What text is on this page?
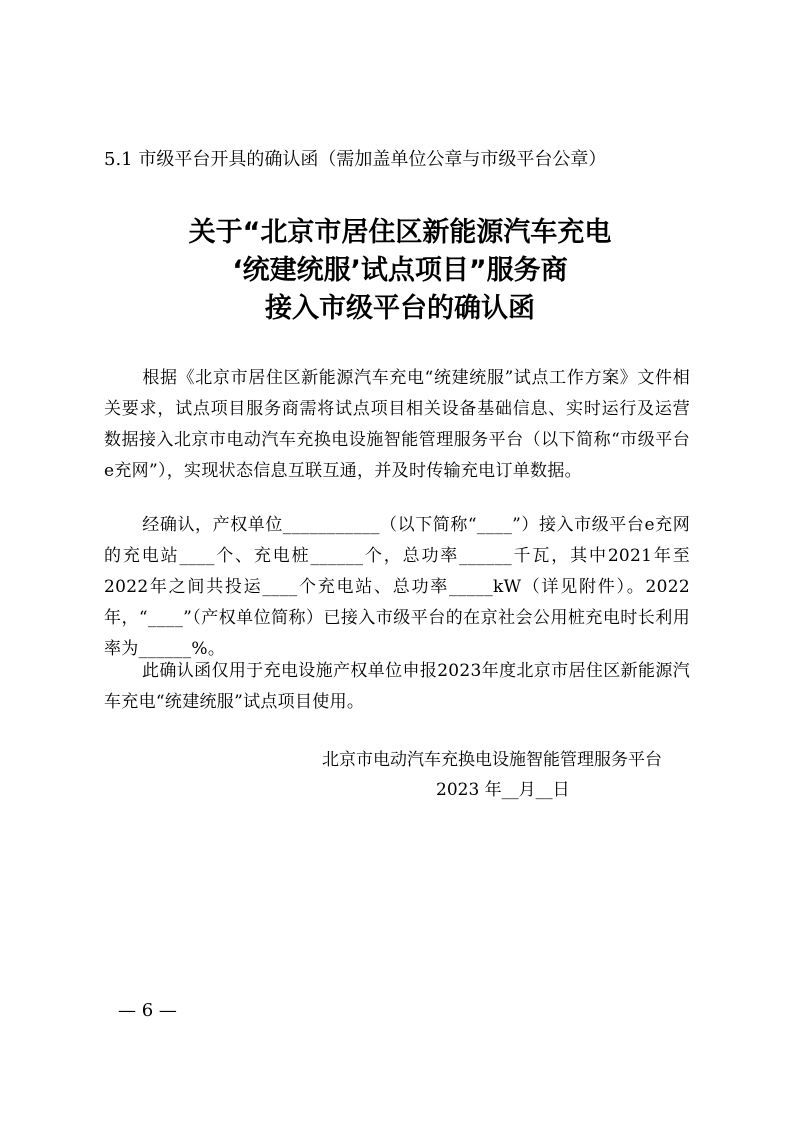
5.1 市级平台开具的确认函（需加盖单位公章与市级平台公章）
关于“北京市居住区新能源汽车充电
‘统建统服’试点项目”服务商
接入市级平台的确认函
根据《北京市居住区新能源汽车充电“统建统服”试点工作方案》文件相关要求，试点项目服务商需将试点项目相关设备基础信息、实时运行及运营数据接入北京市电动汽车充换电设施智能管理服务平台（以下简称“市级平台e充网”），实现状态信息互联互通，并及时传输充电订单数据。
经确认，产权单位___________（以下简称“____”）接入市级平台e充网的充电站____个、充电桩______个，总功率______千瓦，其中2021年至2022年之间共投运____个充电站、总功率_____kW（详见附件）。2022年，“____”（产权单位简称）已接入市级平台的在京社会公用桩充电时长利用率为______%。
此确认函仅用于充电设施产权单位申报2023年度北京市居住区新能源汽车充电“统建统服”试点项目使用。
北京市电动汽车充换电设施智能管理服务平台
2023 年__月__日
— 6 —
